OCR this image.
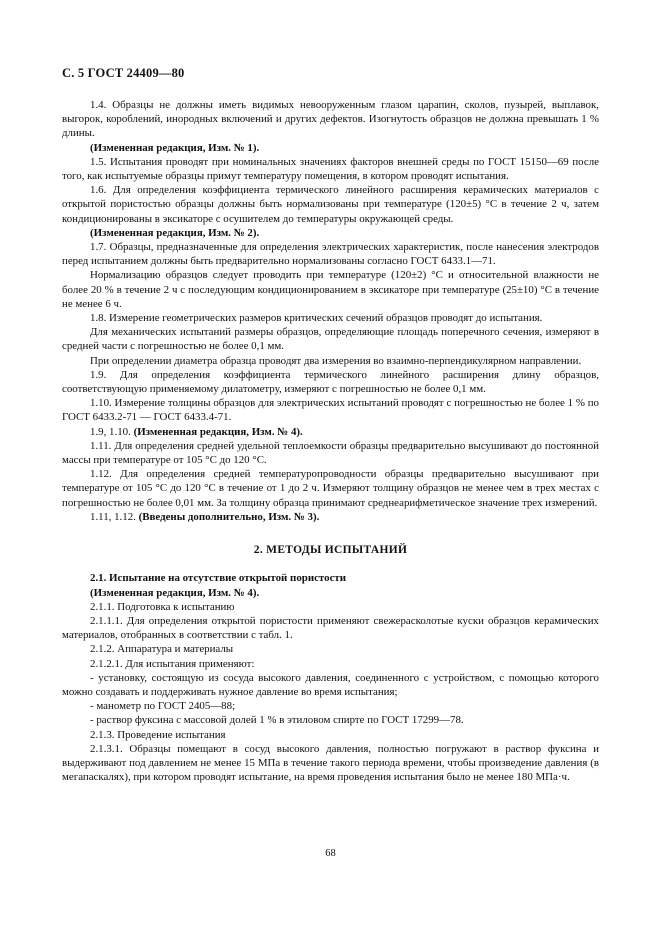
С. 5 ГОСТ 24409—80

1.4. Образцы не должны иметь видимых невооруженным глазом царапин, сколов, пузырей, выплавок, выгорок, короблений, инородных включений и других дефектов. Изогнутость образцов не должна превышать 1 % длины.

(Измененная редакция, Изм. № 1).

1.5. Испытания проводят при номинальных значениях факторов внешней среды по ГОСТ 15150—69 после того, как испытуемые образцы примут температуру помещения, в котором проводят испытания.

1.6. Для определения коэффициента термического линейного расширения керамических материалов с открытой пористостью образцы должны быть нормализованы при температуре (120±5) °С в течение 2 ч, затем кондиционированы в эксикаторе с осушителем до температуры окружающей среды.

(Измененная редакция, Изм. № 2).

1.7. Образцы, предназначенные для определения электрических характеристик, после нанесения электродов перед испытанием должны быть предварительно нормализованы согласно ГОСТ 6433.1—71.

Нормализацию образцов следует проводить при температуре (120±2) °С и относительной влажности не более 20 % в течение 2 ч с последующим кондиционированием в эксикаторе при температуре (25±10) °С в течение не менее 6 ч.

1.8. Измерение геометрических размеров критических сечений образцов проводят до испытания.

Для механических испытаний размеры образцов, определяющие площадь поперечного сечения, измеряют в средней части с погрешностью не более 0,1 мм.

При определении диаметра образца проводят два измерения во взаимно-перпендикулярном направлении.

1.9. Для определения коэффициента термического линейного расширения длину образцов, соответствующую применяемому дилатометру, измеряют с погрешностью не более 0,1 мм.

1.10. Измерение толщины образцов для электрических испытаний проводят с погрешностью не более 1 % по ГОСТ 6433.2-71 — ГОСТ 6433.4-71.

1.9, 1.10. (Измененная редакция, Изм. № 4).

1.11. Для определения средней удельной теплоемкости образцы предварительно высушивают до постоянной массы при температуре от 105 °С до 120 °С.

1.12. Для определения средней температуропроводности образцы предварительно высушивают при температуре от 105 °С до 120 °С в течение от 1 до 2 ч. Измеряют толщину образцов не менее чем в трех местах с погрешностью не более 0,01 мм. За толщину образца принимают среднеарифметическое значение трех измерений.

1.11, 1.12. (Введены дополнительно, Изм. № 3).

2. МЕТОДЫ ИСПЫТАНИЙ

2.1. Испытание на отсутствие открытой пористости

(Измененная редакция, Изм. № 4).

2.1.1. Подготовка к испытанию

2.1.1.1. Для определения открытой пористости применяют свежерасколотые куски образцов керамических материалов, отобранных в соответствии с табл. 1.

2.1.2. Аппаратура и материалы

2.1.2.1. Для испытания применяют:

- установку, состоящую из сосуда высокого давления, соединенного с устройством, с помощью которого можно создавать и поддерживать нужное давление во время испытания;

- манометр по ГОСТ 2405—88;

- раствор фуксина с массовой долей 1 % в этиловом спирте по ГОСТ 17299—78.

2.1.3. Проведение испытания

2.1.3.1. Образцы помещают в сосуд высокого давления, полностью погружают в раствор фуксина и выдерживают под давлением не менее 15 МПа в течение такого периода времени, чтобы произведение давления (в мегапаскалях), при котором проводят испытание, на время проведения испытания было не менее 180 МПа·ч.

68
